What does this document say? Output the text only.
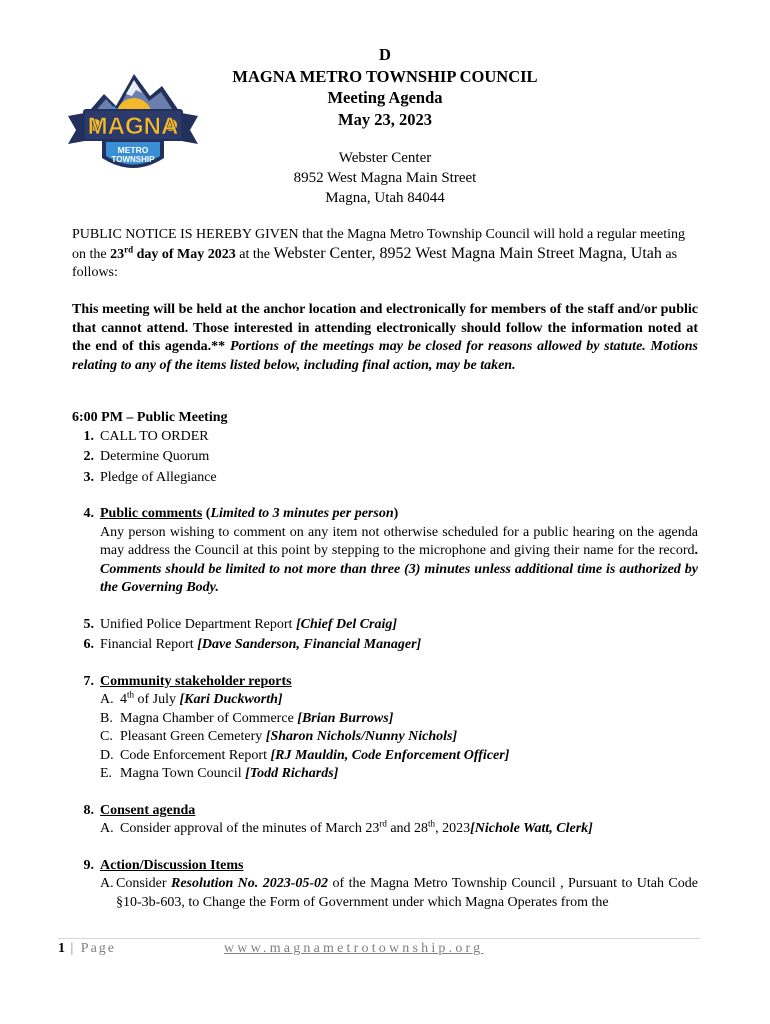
MAGNA
METRO
TOWNSHIP
D
MAGNA METRO TOWNSHIP COUNCIL
Meeting Agenda
May 23, 2023
Webster Center
8952 West Magna Main Street
Magna, Utah 84044
PUBLIC NOTICE IS HEREBY GIVEN that the Magna Metro Township Council will hold a regular meeting on the 23rd day of May 2023 at the Webster Center, 8952 West Magna Main Street Magna, Utah as follows:
This meeting will be held at the anchor location and electronically for members of the staff and/or public that cannot attend. Those interested in attending electronically should follow the information noted at the end of this agenda.** Portions of the meetings may be closed for reasons allowed by statute. Motions relating to any of the items listed below, including final action, may be taken.
6:00 PM – Public Meeting
1. CALL TO ORDER
2. Determine Quorum
3. Pledge of Allegiance
4. Public comments (Limited to 3 minutes per person)
Any person wishing to comment on any item not otherwise scheduled for a public hearing on the agenda may address the Council at this point by stepping to the microphone and giving their name for the record. Comments should be limited to not more than three (3) minutes unless additional time is authorized by the Governing Body.
5. Unified Police Department Report [Chief Del Craig]
6. Financial Report [Dave Sanderson, Financial Manager]
7. Community stakeholder reports
A. 4th of July [Kari Duckworth]
B. Magna Chamber of Commerce [Brian Burrows]
C. Pleasant Green Cemetery [Sharon Nichols/Nunny Nichols]
D. Code Enforcement Report [RJ Mauldin, Code Enforcement Officer]
E. Magna Town Council [Todd Richards]
8. Consent agenda
A. Consider approval of the minutes of March 23rd and 28th, 2023[Nichole Watt, Clerk]
9. Action/Discussion Items
A. Consider Resolution No. 2023-05-02 of the Magna Metro Township Council , Pursuant to Utah Code §10-3b-603, to Change the Form of Government under which Magna Operates from the
1 | Page	www.magnametrotownship.org
